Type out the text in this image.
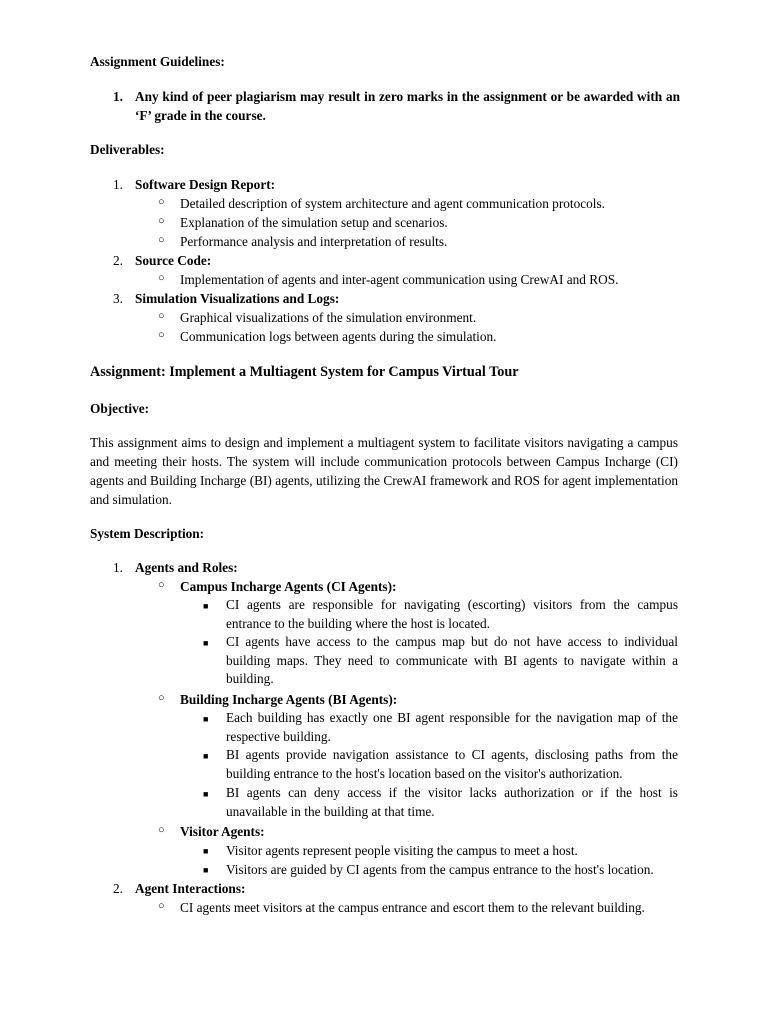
Assignment Guidelines:
1. Any kind of peer plagiarism may result in zero marks in the assignment or be awarded with an ‘F’ grade in the course.
Deliverables:
1. Software Design Report:
○ Detailed description of system architecture and agent communication protocols.
○ Explanation of the simulation setup and scenarios.
○ Performance analysis and interpretation of results.
2. Source Code:
○ Implementation of agents and inter-agent communication using CrewAI and ROS.
3. Simulation Visualizations and Logs:
○ Graphical visualizations of the simulation environment.
○ Communication logs between agents during the simulation.
Assignment: Implement a Multiagent System for Campus Virtual Tour
Objective:

This assignment aims to design and implement a multiagent system to facilitate visitors navigating a campus and meeting their hosts. The system will include communication protocols between Campus Incharge (CI) agents and Building Incharge (BI) agents, utilizing the CrewAI framework and ROS for agent implementation and simulation.

System Description:
1. Agents and Roles:
○ Campus Incharge Agents (CI Agents):
■ CI agents are responsible for navigating (escorting) visitors from the campus entrance to the building where the host is located.
■ CI agents have access to the campus map but do not have access to individual building maps. They need to communicate with BI agents to navigate within a building.
○ Building Incharge Agents (BI Agents):
■ Each building has exactly one BI agent responsible for the navigation map of the respective building.
■ BI agents provide navigation assistance to CI agents, disclosing paths from the building entrance to the host's location based on the visitor's authorization.
■ BI agents can deny access if the visitor lacks authorization or if the host is unavailable in the building at that time.
○ Visitor Agents:
■ Visitor agents represent people visiting the campus to meet a host.
■ Visitors are guided by CI agents from the campus entrance to the host's location.
2. Agent Interactions:
○ CI agents meet visitors at the campus entrance and escort them to the relevant building.
